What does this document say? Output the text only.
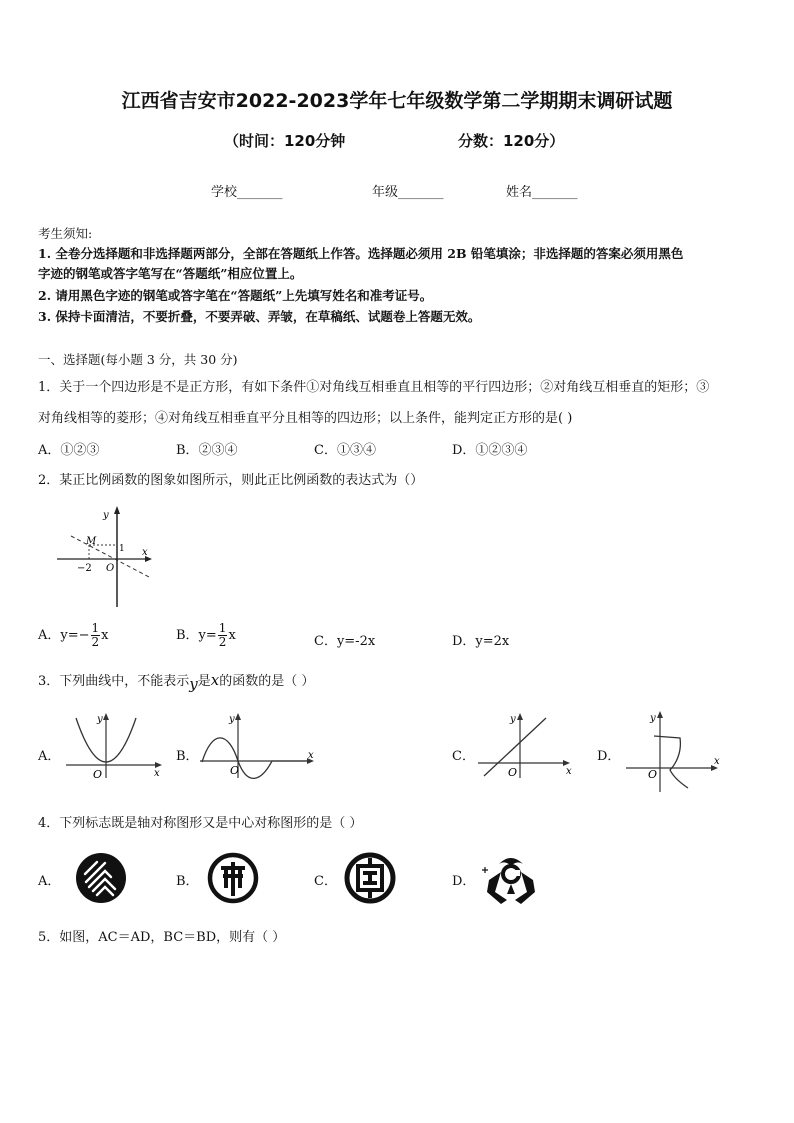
江西省吉安市2022-2023学年七年级数学第二学期期末调研试题
（时间：120分钟	分数：120分）
学校_______	年级_______	姓名_______
考生须知:
1. 全卷分选择题和非选择题两部分，全部在答题纸上作答。选择题必须用 2B 铅笔填涂；非选择题的答案必须用黑色
字迹的钢笔或答字笔写在“答题纸”相应位置上。
2. 请用黑色字迹的钢笔或答字笔在“答题纸”上先填写姓名和准考证号。
3. 保持卡面清洁，不要折叠，不要弄破、弄皱，在草稿纸、试题卷上答题无效。
一、选择题(每小题 3 分，共 30 分)
1．关于一个四边形是不是正方形，有如下条件①对角线互相垂直且相等的平行四边形；②对角线互相垂直的矩形；③
对角线相等的菱形；④对角线互相垂直平分且相等的四边形；以上条件，能判定正方形的是( )
A．①②③	B．②③④	C．①③④	D．①②③④
2．某正比例函数的图象如图所示，则此正比例函数的表达式为（）
y
x
M
1
−2 O
A．$y=- \frac{1}{2}$ x	B．$y= \frac{1}{2}$ x	C．y=-2x	D．y=2x
3．下列曲线中，不能表示y是x的函数的是（ ）
A．
y
x
O
B．
y
x
O
C．
y
x
O
D．
y
x
O
4．下列标志既是轴对称图形又是中心对称图形的是（ ）
A．	B．	C．	D．
5．如图，AC＝AD，BC＝BD，则有（ ）
